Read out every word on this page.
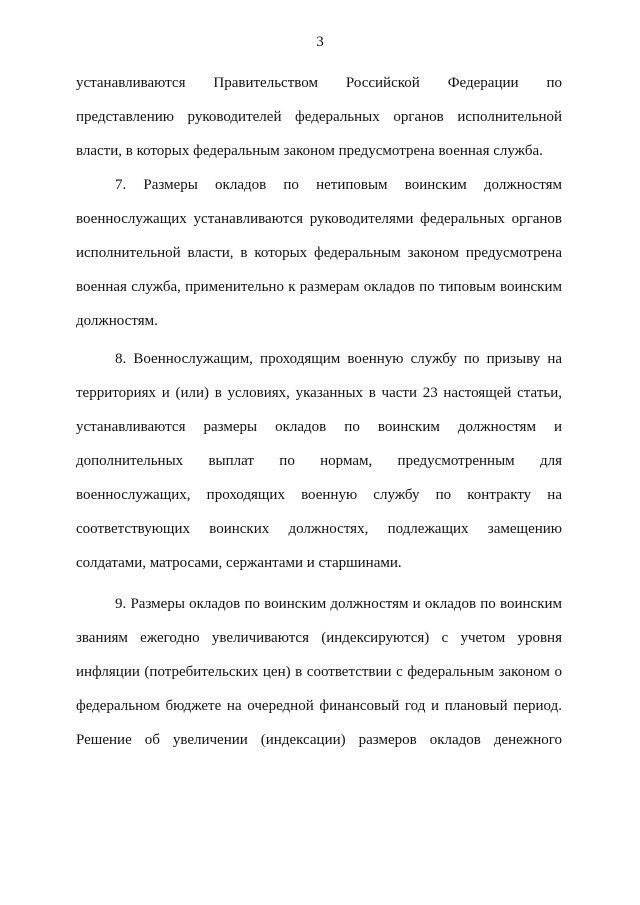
3
устанавливаются Правительством Российской Федерации по
представлению руководителей федеральных органов исполнительной
власти, в которых федеральным законом предусмотрена военная служба.
7. Размеры окладов по нетиповым воинским должностям
военнослужащих устанавливаются руководителями федеральных органов
исполнительной власти, в которых федеральным законом предусмотрена
военная служба, применительно к размерам окладов по типовым воинским
должностям.
8. Военнослужащим, проходящим военную службу по призыву на
территориях и (или) в условиях, указанных в части 23 настоящей статьи,
устанавливаются размеры окладов по воинским должностям и
дополнительных выплат по нормам, предусмотренным для
военнослужащих, проходящих военную службу по контракту на
соответствующих воинских должностях, подлежащих замещению
солдатами, матросами, сержантами и старшинами.
9. Размеры окладов по воинским должностям и окладов по воинским
званиям ежегодно увеличиваются (индексируются) с учетом уровня
инфляции (потребительских цен) в соответствии с федеральным законом о
федеральном бюджете на очередной финансовый год и плановый период.
Решение об увеличении (индексации) размеров окладов денежного
